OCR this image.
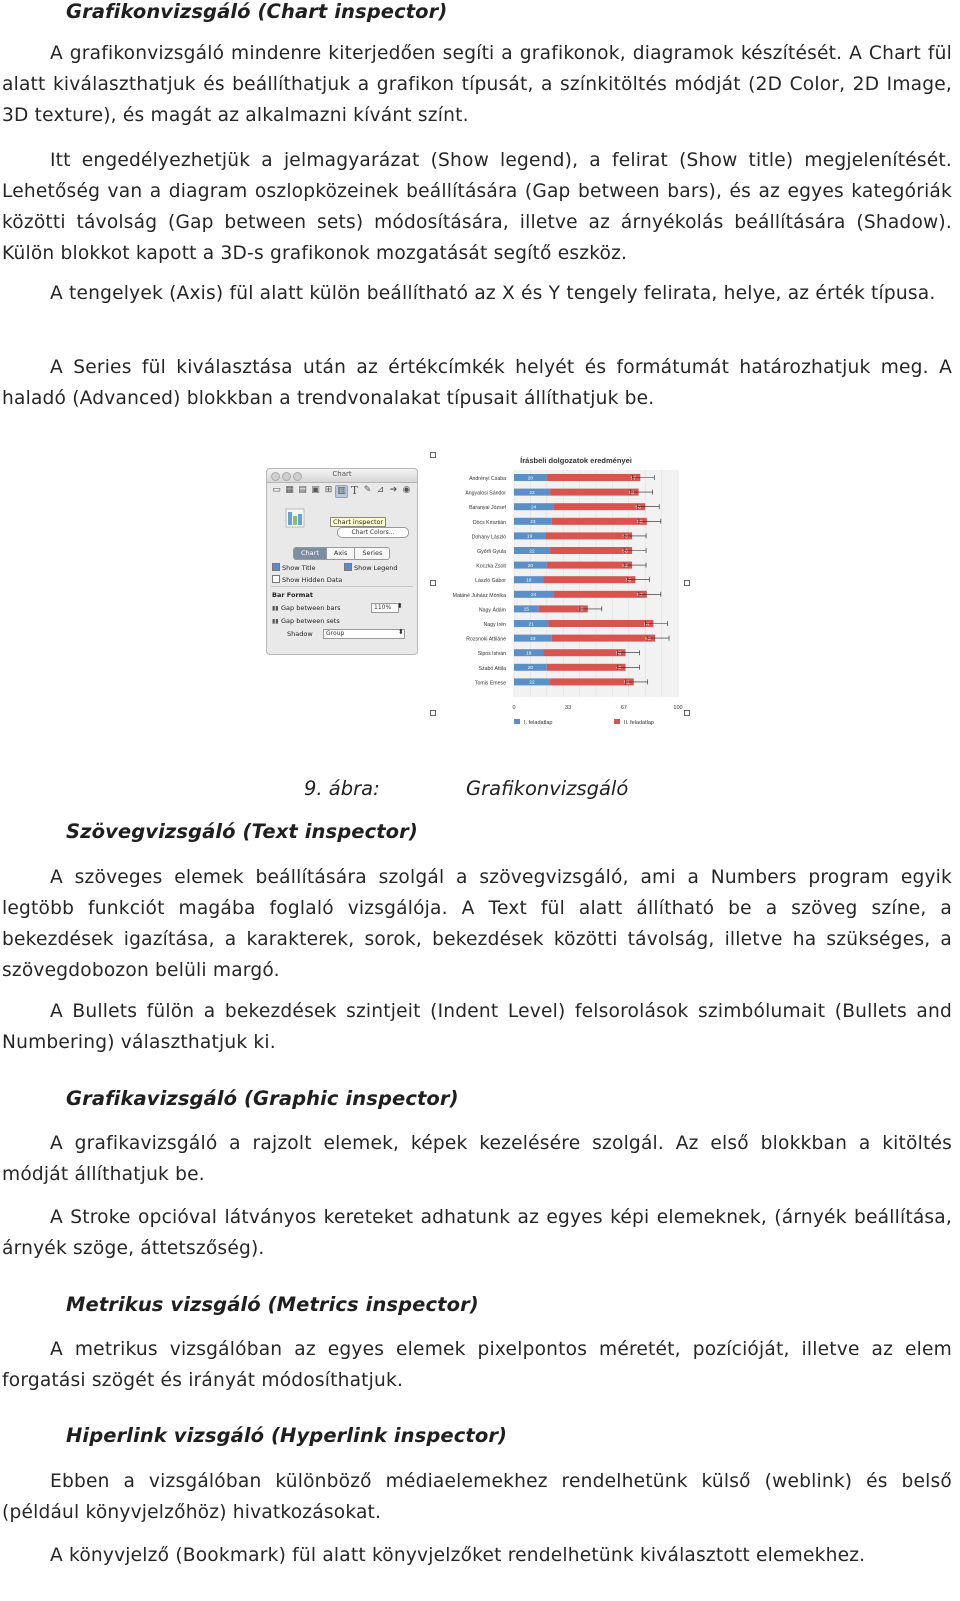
Grafikonvizsgáló (Chart inspector)

A grafikonvizsgáló mindenre kiterjedően segíti a grafikonok, diagramok készítését. A Chart fül alatt kiválaszthatjuk és beállíthatjuk a grafikon típusát, a színkitöltés módját (2D Color, 2D Image, 3D texture), és magát az alkalmazni kívánt színt.

Itt engedélyezhetjük a jelmagyarázat (Show legend), a felirat (Show title) megjelenítését. Lehetőség van a diagram oszlopközeinek beállítására (Gap between bars), és az egyes kategóriák közötti távolság (Gap between sets) módosítására, illetve az árnyékolás beállítására (Shadow). Külön blokkot kapott a 3D-s grafikonok mozgatását segítő eszköz.

A tengelyek (Axis) fül alatt külön beállítható az X és Y tengely felirata, helye, az érték típusa.

A Series fül kiválasztása után az értékcímkék helyét és formátumát határozhatjuk meg. A haladó (Advanced) blokkban a trendvonalakat típusait állíthatjuk be.

Chart
▭ ▦ ▤ ▣ ⊞ ▥ T ✎ ⊿ ➔ ◉
Chart inspector
Chart Colors...
Chart	Axis	Series
Show Title	Show Legend
Show Hidden Data
Bar Format
▮▮ Gap between bars	110% ⬍
▮▮ Gap between sets
Shadow	Group	⬍
Írásbeli dolgozatok eredményei
20	57
22	54
24	56
23	58
19	53
22	50
20	52
18	56
24	57
15	30
21	64
23	63
18	50
20	48
22	51
Andrényi Csaba
Angyalosi Sándor
Baranyai József
Döcs Krisztián
Dohány László
Győrfi Gyula
Koczka Zsolt
László Gábor
Matáné Juhász Mónika
Nagy Ádám
Nagy Irén
Rozsnoki Attiláné
Sipos István
Szabó Attila
Tomis Emese
0	33	67	100
I. feladatlap	II. feladatlap

9. ábra:	Grafikonvizsgáló

Szövegvizsgáló (Text inspector)

A szöveges elemek beállítására szolgál a szövegvizsgáló, ami a Numbers program egyik legtöbb funkciót magába foglaló vizsgálója. A Text fül alatt állítható be a szöveg színe, a bekezdések igazítása, a karakterek, sorok, bekezdések közötti távolság, illetve ha szükséges, a szövegdobozon belüli margó.

A Bullets fülön a bekezdések szintjeit (Indent Level) felsorolások szimbólumait (Bullets and Numbering) választhatjuk ki.

Grafikavizsgáló (Graphic inspector)

A grafikavizsgáló a rajzolt elemek, képek kezelésére szolgál. Az első blokkban a kitöltés módját állíthatjuk be.

A Stroke opcióval látványos kereteket adhatunk az egyes képi elemeknek, (árnyék beállítása, árnyék szöge, áttetszőség).

Metrikus vizsgáló (Metrics inspector)

A metrikus vizsgálóban az egyes elemek pixelpontos méretét, pozícióját, illetve az elem forgatási szögét és irányát módosíthatjuk.

Hiperlink vizsgáló (Hyperlink inspector)

Ebben a vizsgálóban különböző médiaelemekhez rendelhetünk külső (weblink) és belső (például könyvjelzőhöz) hivatkozásokat.

A könyvjelző (Bookmark) fül alatt könyvjelzőket rendelhetünk kiválasztott elemekhez.
